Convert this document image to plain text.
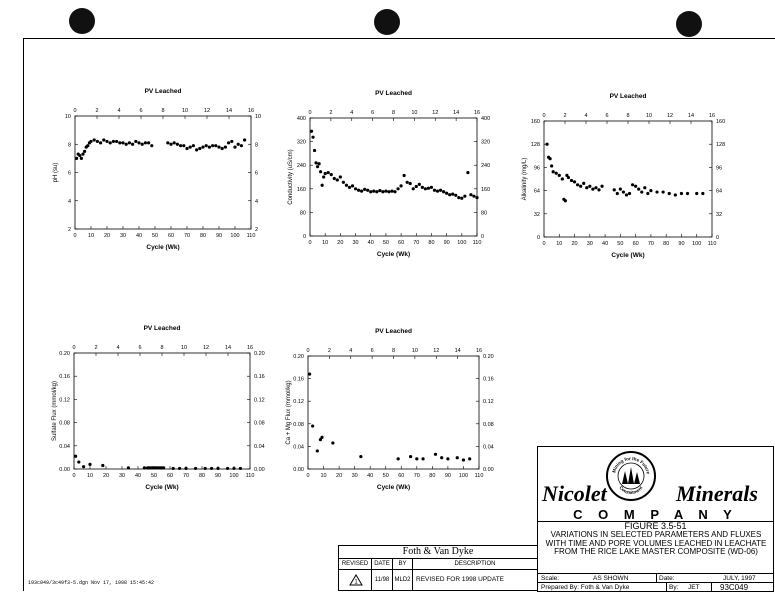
0	2	4	6	8	10	12	14	16
PV Leached
0 10 20 30 40 50 60 70 80 90 100 110
Cycle (Wk)
2	2
4	4
6	6
8	8
10	10
pH (su)
0	2	4	6	8	10	12	14	16
PV Leached
0 10 20 30 40 50 60 70 80 90 100 110
Cycle (Wk)
0	0
80	80
160	160
240	240
320	320
400	400
Conductivity (uS/cm)
0	2	4	6	8	10	12	14	16
PV Leached
0 10 20 30 40 50 60 70 80 90 100 110
Cycle (Wk)
0	0
32	32
64	64
96	96
128	128
160	160
Alkalinity (mg/L)
0	2	4	6	8	10	12	14	16
PV Leached
0 10 20 30 40 50 60 70 80 90 100 110
Cycle (Wk)
0.00	0.00
0.04	0.04
0.08	0.08
0.12	0.12
0.16	0.16
0.20	0.20
Sulfate Flux (mmol/kg)
0	2	4	6	8	10	12	14	16
PV Leached
0 10 20 30 40 50 60 70 80 90 100 110
Cycle (Wk)
0.00	0.00
0.04	0.04
0.08	0.08
0.12	0.12
0.16	0.16
0.20	0.20
Ca + Mg Flux (mmol/kg)
Mining for the Future
Commitment
Nicolet	Minerals
C O M P A N Y
FIGURE 3.5-51
VARIATIONS IN SELECTED PARAMETERS AND FLUXES WITH TIME AND PORE VOLUMES LEACHED IN LEACHATE FROM THE RICE LAKE MASTER COMPOSITE (WD-06)
Scale:	AS SHOWN	Date:	JULY, 1997
Prepared By: Foth & Van Dyke	By: JET	93C049
Foth & Van Dyke
REVISED	DATE	BY	DESCRIPTION
1	11/98 MLD2 REVISED FOR 1998 UPDATE
193c049/3c49f3-5.dgn Nov 17, 1998 15:45:42
